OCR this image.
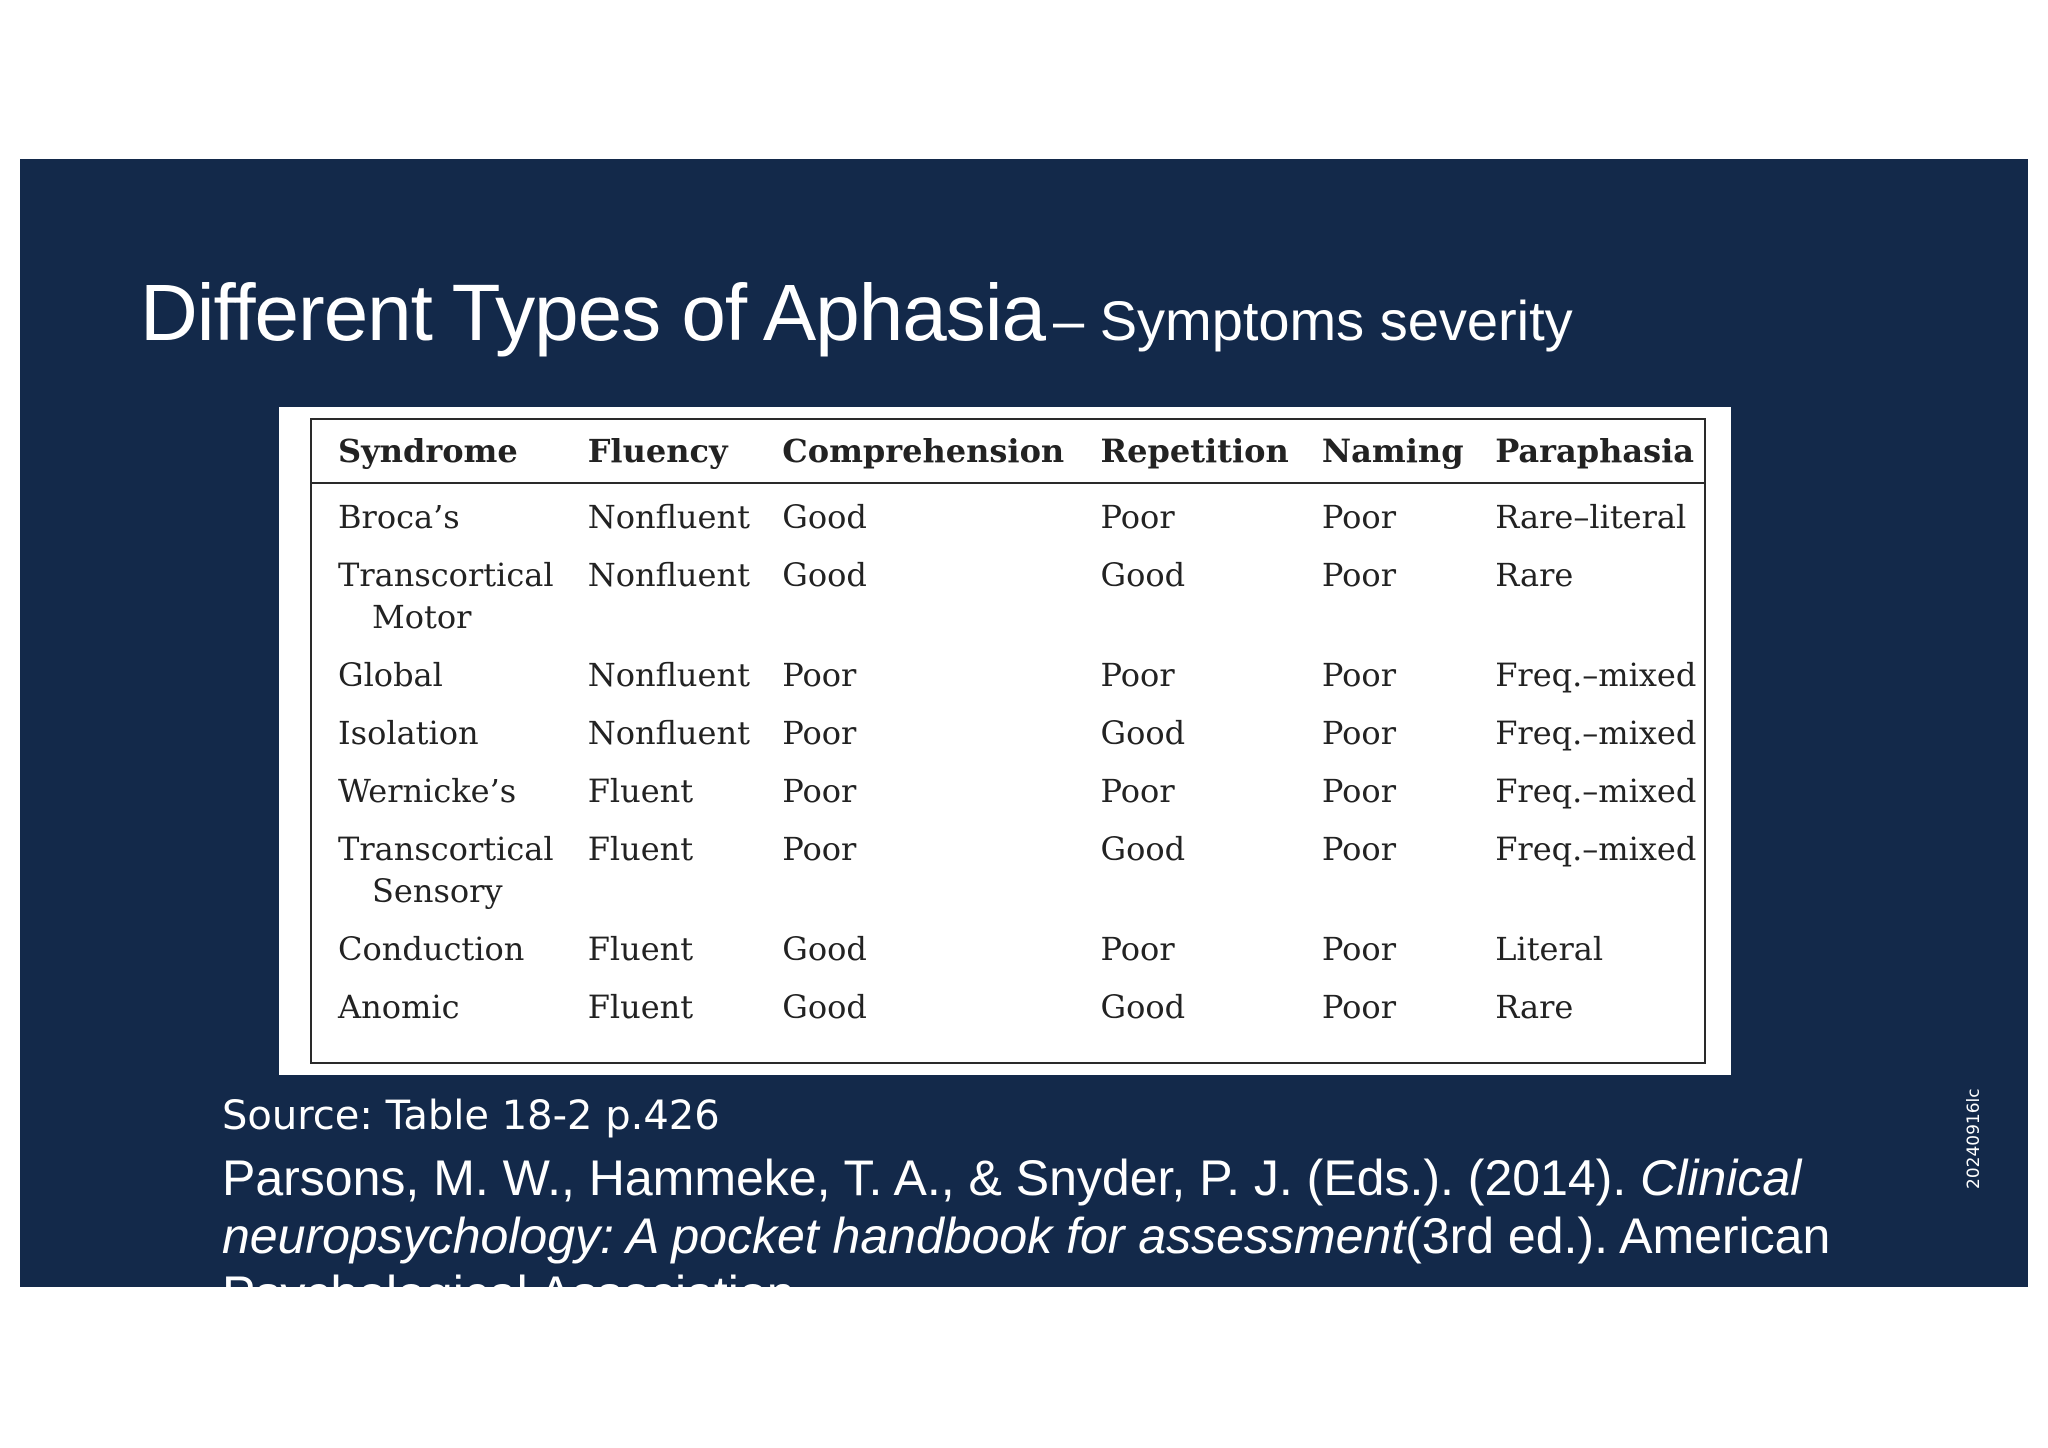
Different Types of Aphasia – Symptoms severity
Syndrome	Fluency	Comprehension	Repetition	Naming	Paraphasia
Broca’s	Nonfluent	Good	Poor	Poor	Rare–literal
Transcortical
Motor	Nonfluent	Good	Good	Poor	Rare
Global	Nonfluent	Poor	Poor	Poor	Freq.–mixed
Isolation	Nonfluent	Poor	Good	Poor	Freq.–mixed
Wernicke’s	Fluent	Poor	Poor	Poor	Freq.–mixed
Transcortical
Sensory	Fluent	Poor	Good	Poor	Freq.–mixed
Conduction	Fluent	Good	Poor	Poor	Literal
Anomic	Fluent	Good	Good	Poor	Rare
Source: Table 18-2 p.426
Parsons, M. W., Hammeke, T. A., & Snyder, P. J. (Eds.). (2014). Clinical neuropsychology: A pocket handbook for assessment(3rd ed.). American Psychological Association.
20240916lc
